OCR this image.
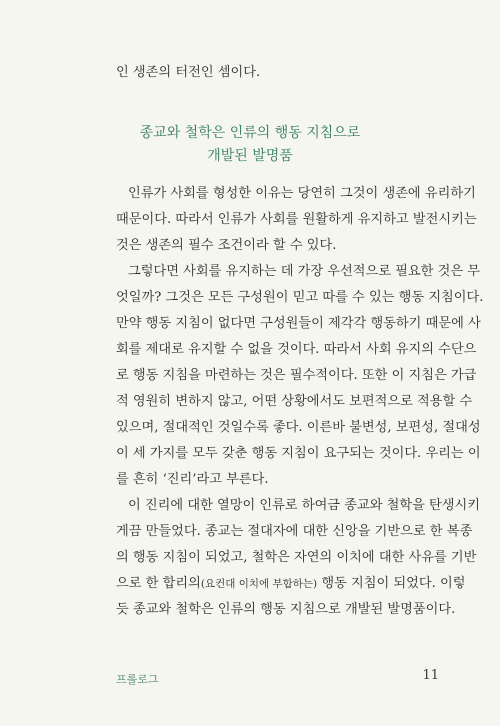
인 생존의 터전인 셈이다.
종교와 철학은 인류의 행동 지침으로
개발된 발명품
인류가 사회를 형성한 이유는 당연히 그것이 생존에 유리하기
때문이다. 따라서 인류가 사회를 원활하게 유지하고 발전시키는
것은 생존의 필수 조건이라 할 수 있다.
그렇다면 사회를 유지하는 데 가장 우선적으로 필요한 것은 무
엇일까? 그것은 모든 구성원이 믿고 따를 수 있는 행동 지침이다.
만약 행동 지침이 없다면 구성원들이 제각각 행동하기 때문에 사
회를 제대로 유지할 수 없을 것이다. 따라서 사회 유지의 수단으
로 행동 지침을 마련하는 것은 필수적이다. 또한 이 지침은 가급
적 영원히 변하지 않고, 어떤 상황에서도 보편적으로 적용할 수
있으며, 절대적인 것일수록 좋다. 이른바 불변성, 보편성, 절대성
이 세 가지를 모두 갖춘 행동 지침이 요구되는 것이다. 우리는 이
를 흔히 ‘진리’라고 부른다.
이 진리에 대한 열망이 인류로 하여금 종교와 철학을 탄생시키
게끔 만들었다. 종교는 절대자에 대한 신앙을 기반으로 한 복종
의 행동 지침이 되었고, 철학은 자연의 이치에 대한 사유를 기반
으로 한 합리의(요컨대 이치에 부합하는) 행동 지침이 되었다. 이렇
듯 종교와 철학은 인류의 행동 지침으로 개발된 발명품이다.
프롤로그	11
